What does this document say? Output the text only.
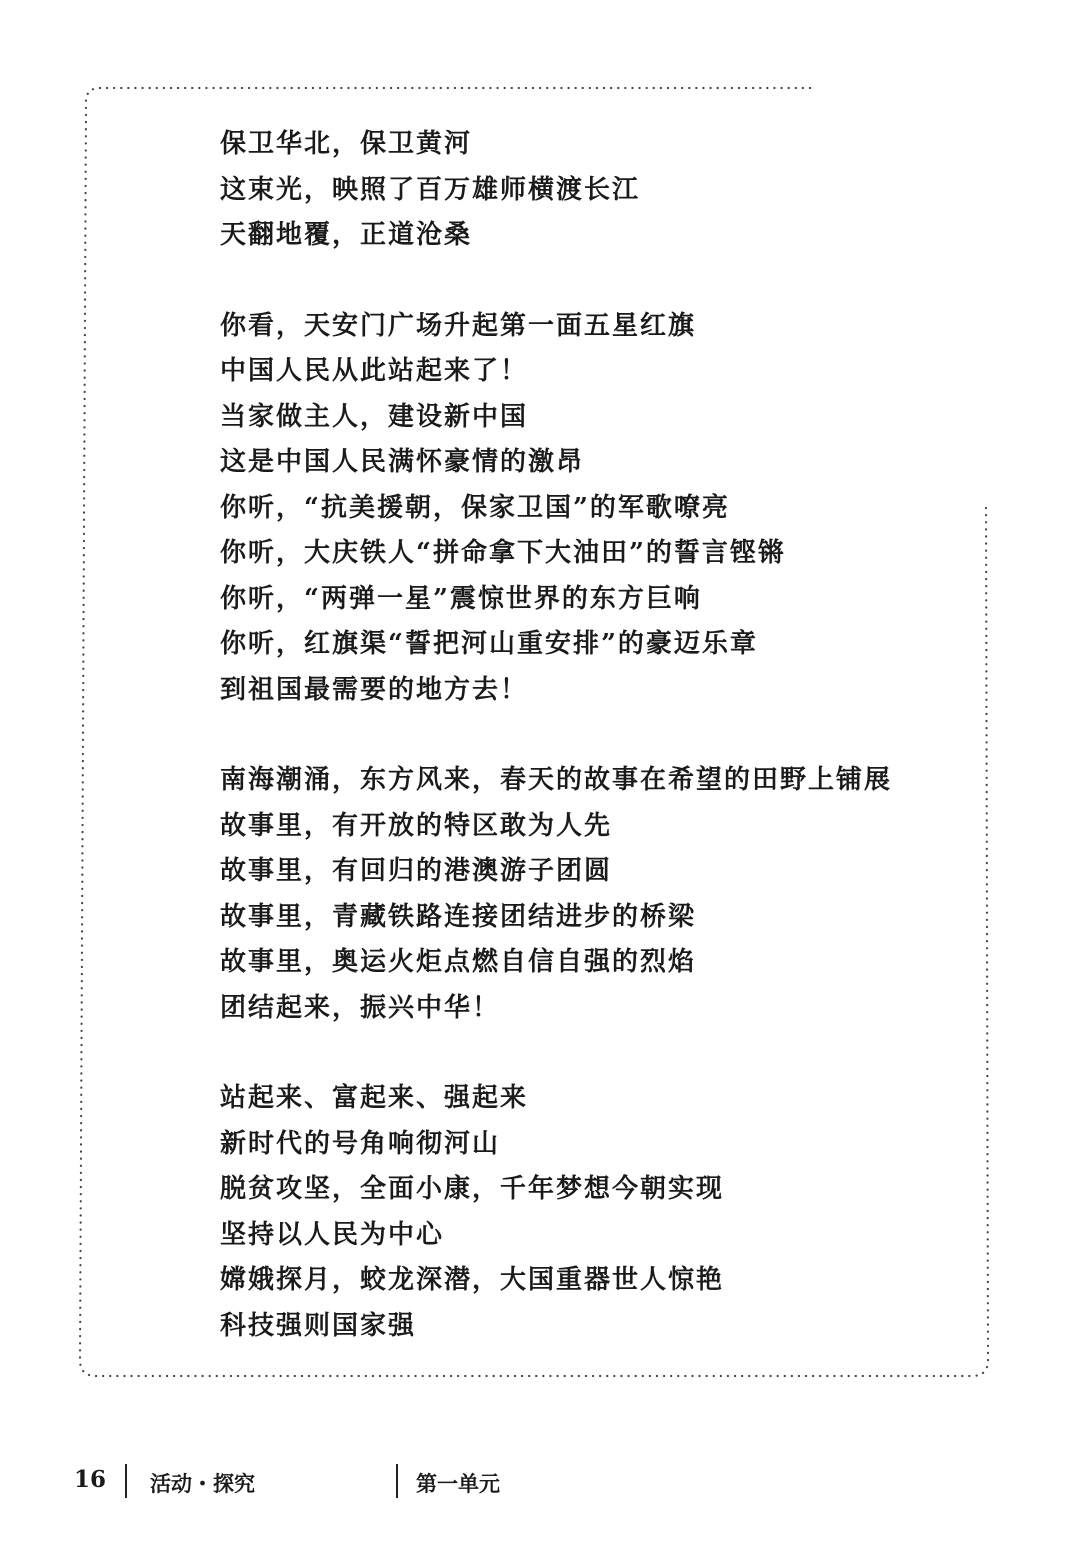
保卫华北，保卫黄河
这束光，映照了百万雄师横渡长江
天翻地覆，正道沧桑
你看，天安门广场升起第一面五星红旗
中国人民从此站起来了！
当家做主人，建设新中国
这是中国人民满怀豪情的激昂
你听，“抗美援朝，保家卫国”的军歌嘹亮
你听，大庆铁人“拼命拿下大油田”的誓言铿锵
你听，“两弹一星”震惊世界的东方巨响
你听，红旗渠“誓把河山重安排”的豪迈乐章
到祖国最需要的地方去！
南海潮涌，东方风来，春天的故事在希望的田野上铺展
故事里，有开放的特区敢为人先
故事里，有回归的港澳游子团圆
故事里，青藏铁路连接团结进步的桥梁
故事里，奥运火炬点燃自信自强的烈焰
团结起来，振兴中华！
站起来、富起来、强起来
新时代的号角响彻河山
脱贫攻坚，全面小康，千年梦想今朝实现
坚持以人民为中心
嫦娥探月，蛟龙深潜，大国重器世人惊艳
科技强则国家强
16 活动・探究	第一单元
